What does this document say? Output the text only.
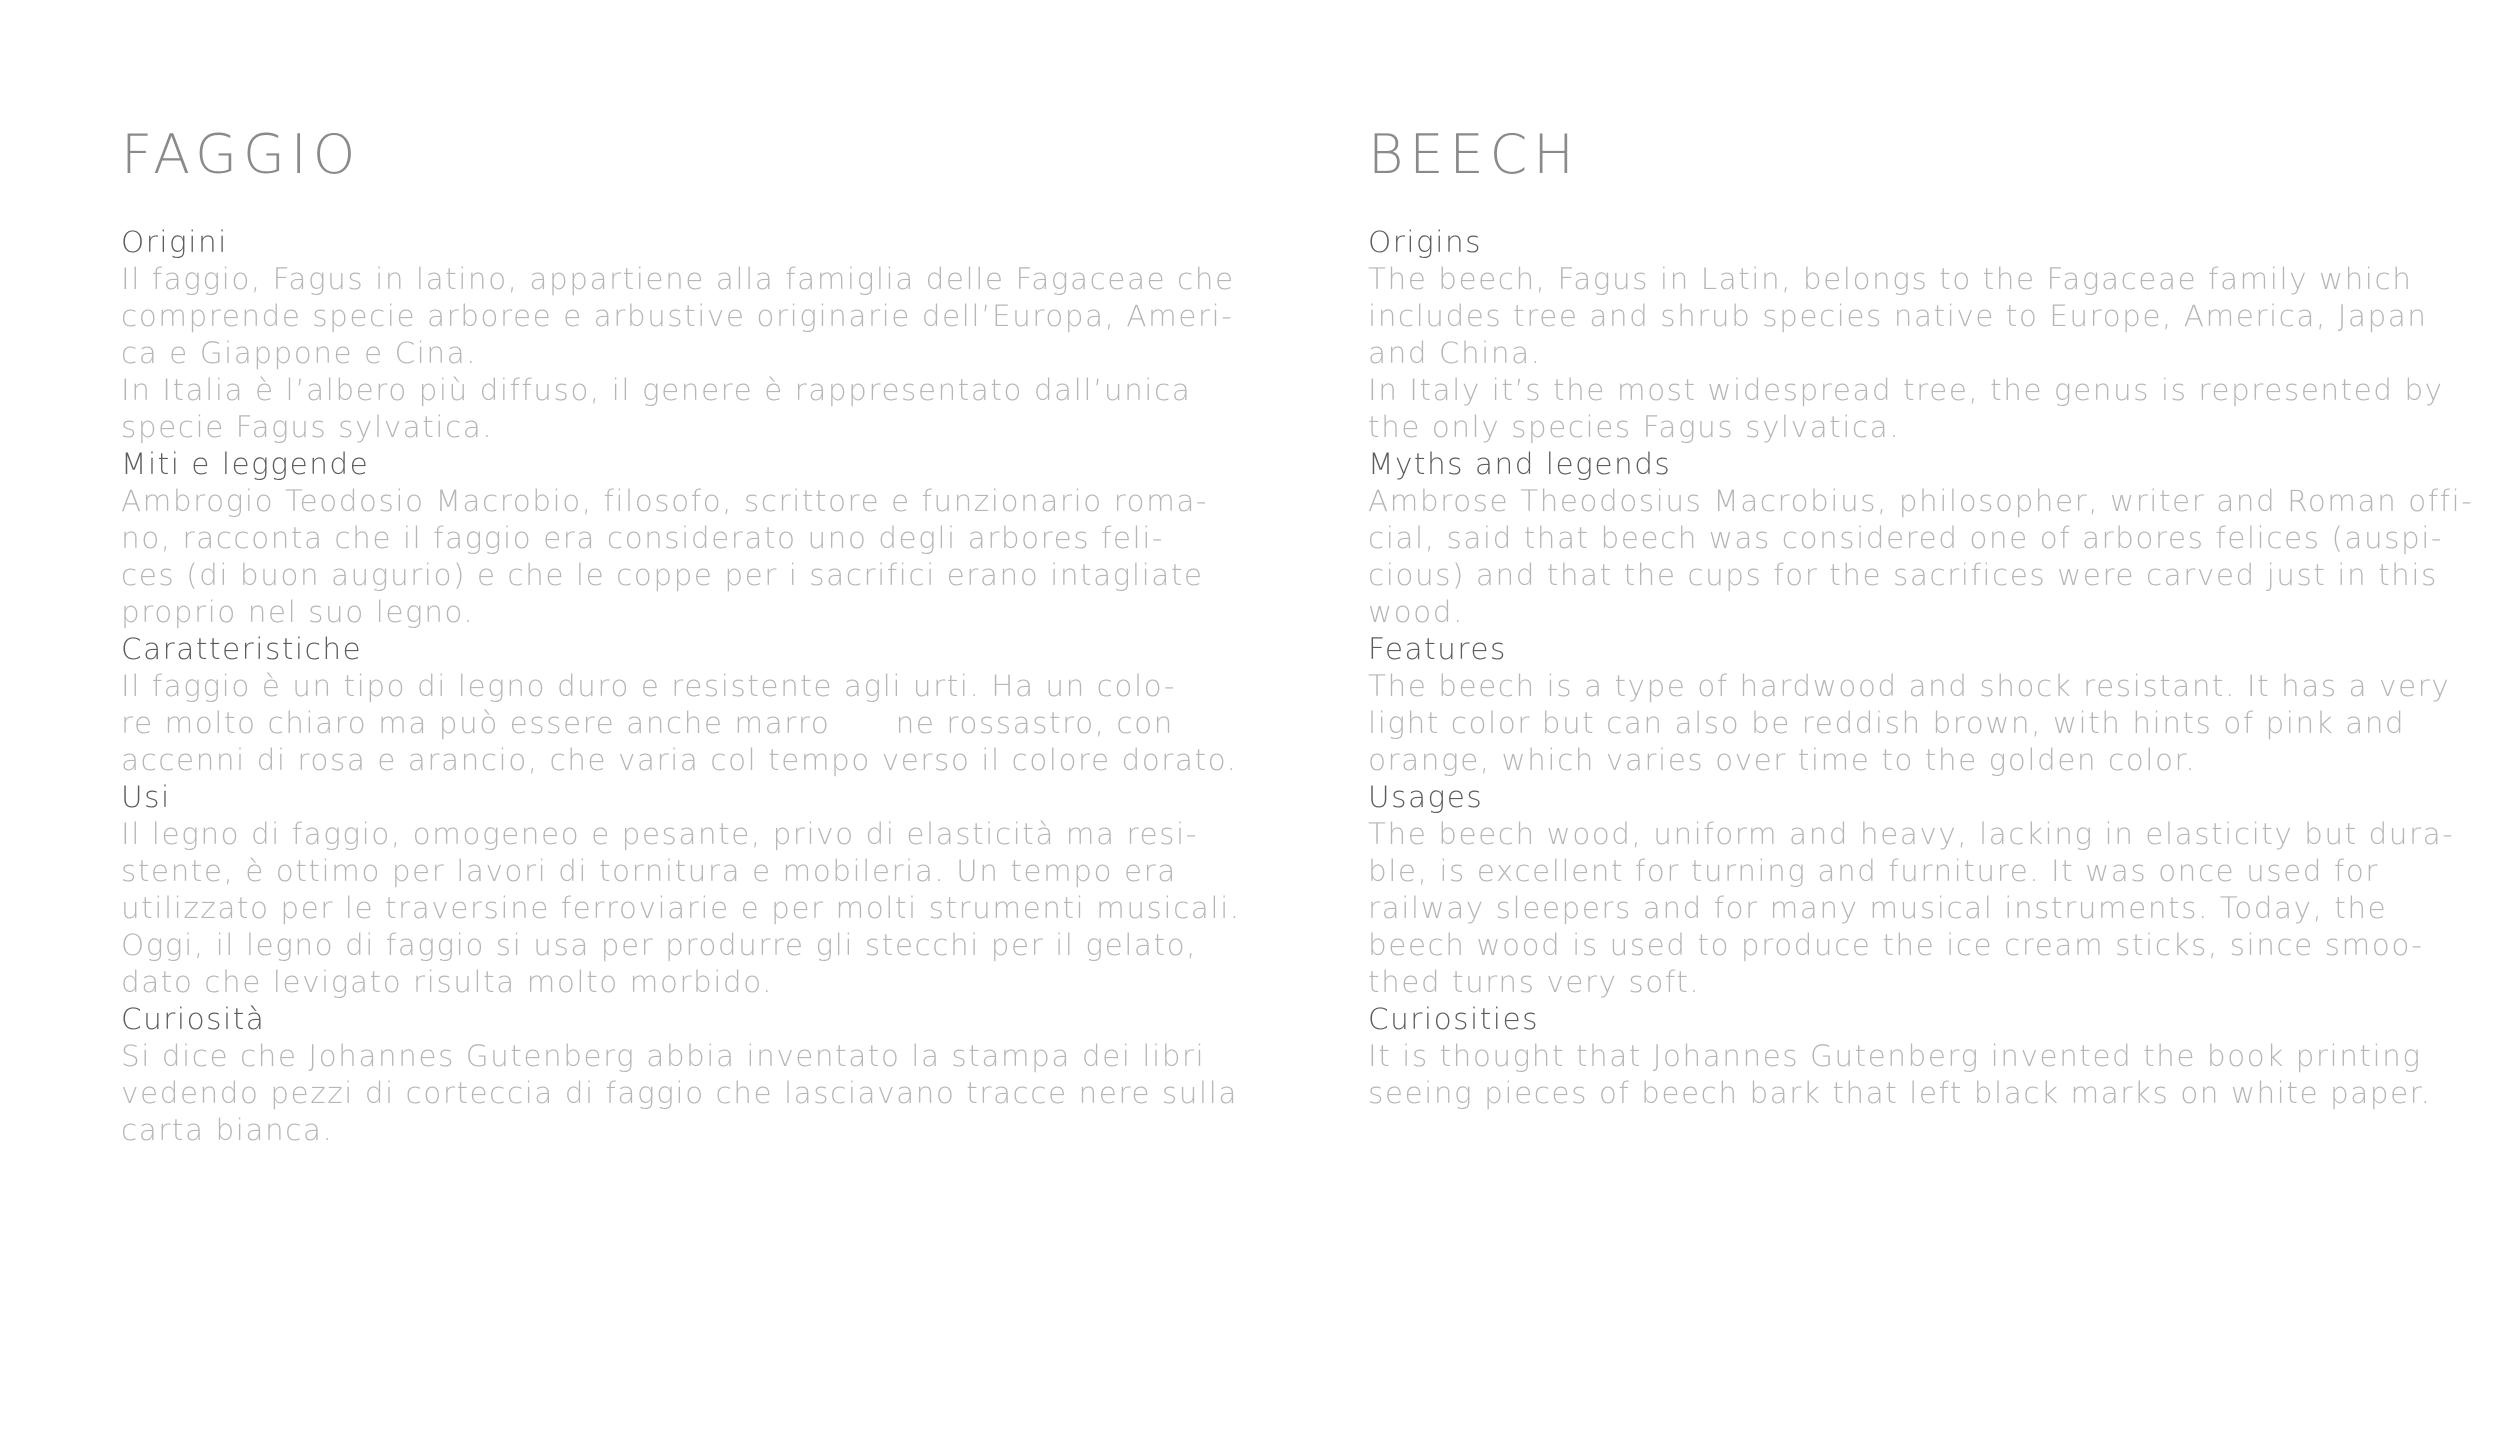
FAGGIO
Origini

Il faggio, Fagus in latino, appartiene alla famiglia delle Fagaceae che
comprende specie arboree e arbustive originarie dell’Europa, Ameri-
ca e Giappone e Cina.
In Italia è l’albero più diffuso, il genere è rappresentato dall’unica
specie Fagus sylvatica.

Miti e leggende

Ambrogio Teodosio Macrobio, filosofo, scrittore e funzionario roma-
no, racconta che il faggio era considerato uno degli arbores feli-
ces (di buon augurio) e che le coppe per i sacrifici erano intagliate
proprio nel suo legno.

Caratteristiche

Il faggio è un tipo di legno duro e resistente agli urti. Ha un colo-
re molto chiaro ma può essere anche marro      ne rossastro, con
accenni di rosa e arancio, che varia col tempo verso il colore dorato.

Usi

Il legno di faggio, omogeneo e pesante, privo di elasticità ma resi-
stente, è ottimo per lavori di tornitura e mobileria. Un tempo era
utilizzato per le traversine ferroviarie e per molti strumenti musicali.
Oggi, il legno di faggio si usa per produrre gli stecchi per il gelato,
dato che levigato risulta molto morbido.

Curiosità

Si dice che Johannes Gutenberg abbia inventato la stampa dei libri
vedendo pezzi di corteccia di faggio che lasciavano tracce nere sulla
carta bianca.

BEECH
Origins

The beech, Fagus in Latin, belongs to the Fagaceae family which
includes tree and shrub species native to Europe, America, Japan
and China.
In Italy it’s the most widespread tree, the genus is represented by
the only species Fagus sylvatica.

Myths and legends

Ambrose Theodosius Macrobius, philosopher, writer and Roman offi-
cial, said that beech was considered one of arbores felices (auspi-
cious) and that the cups for the sacrifices were carved just in this
wood.

Features

The beech is a type of hardwood and shock resistant. It has a very
light color but can also be reddish brown, with hints of pink and
orange, which varies over time to the golden color.

Usages

The beech wood, uniform and heavy, lacking in elasticity but dura-
ble, is excellent for turning and furniture. It was once used for
railway sleepers and for many musical instruments. Today, the
beech wood is used to produce the ice cream sticks, since smoo-
thed turns very soft.

Curiosities

It is thought that Johannes Gutenberg invented the book printing
seeing pieces of beech bark that left black marks on white paper.
